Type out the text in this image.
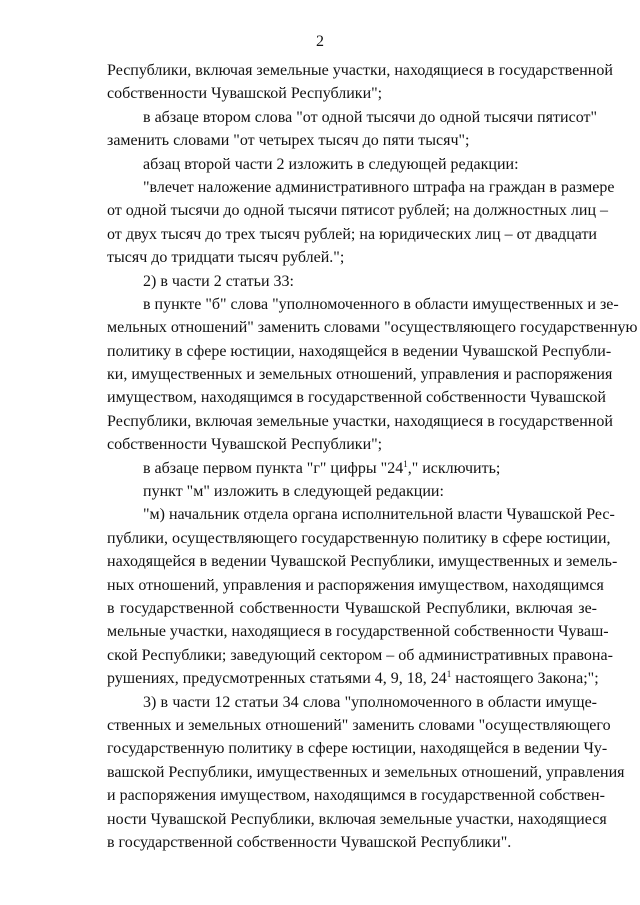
2
Республики, включая земельные участки, находящиеся в государственной
собственности Чувашской Республики";
в абзаце втором слова "от одной тысячи до одной тысячи пятисот"
заменить словами "от четырех тысяч до пяти тысяч";
абзац второй части 2 изложить в следующей редакции:
"влечет наложение административного штрафа на граждан в размере
от одной тысячи до одной тысячи пятисот рублей; на должностных лиц –
от двух тысяч до трех тысяч рублей; на юридических лиц – от двадцати
тысяч до тридцати тысяч рублей.";
2) в части 2 статьи 33:
в пункте "б" слова "уполномоченного в области имущественных и зе-
мельных отношений" заменить словами "осуществляющего государственную
политику в сфере юстиции, находящейся в ведении Чувашской Республи-
ки, имущественных и земельных отношений, управления и распоряжения
имуществом, находящимся в государственной собственности Чувашской
Республики, включая земельные участки, находящиеся в государственной
собственности Чувашской Республики";
в абзаце первом пункта "г" цифры "$24^1$," исключить;
пункт "м" изложить в следующей редакции:
"м) начальник отдела органа исполнительной власти Чувашской Рес-
публики, осуществляющего государственную политику в сфере юстиции,
находящейся в ведении Чувашской Республики, имущественных и земель-
ных отношений, управления и распоряжения имуществом, находящимся
в государственной собственности Чувашской Республики, включая зе-
мельные участки, находящиеся в государственной собственности Чуваш-
ской Республики; заведующий сектором – об административных правона-
рушениях, предусмотренных статьями 4, 9, 18, $24^1$ настоящего Закона;";
3) в части 12 статьи 34 слова "уполномоченного в области имуще-
ственных и земельных отношений" заменить словами "осуществляющего
государственную политику в сфере юстиции, находящейся в ведении Чу-
вашской Республики, имущественных и земельных отношений, управления
и распоряжения имуществом, находящимся в государственной собствен-
ности Чувашской Республики, включая земельные участки, находящиеся
в государственной собственности Чувашской Республики".
